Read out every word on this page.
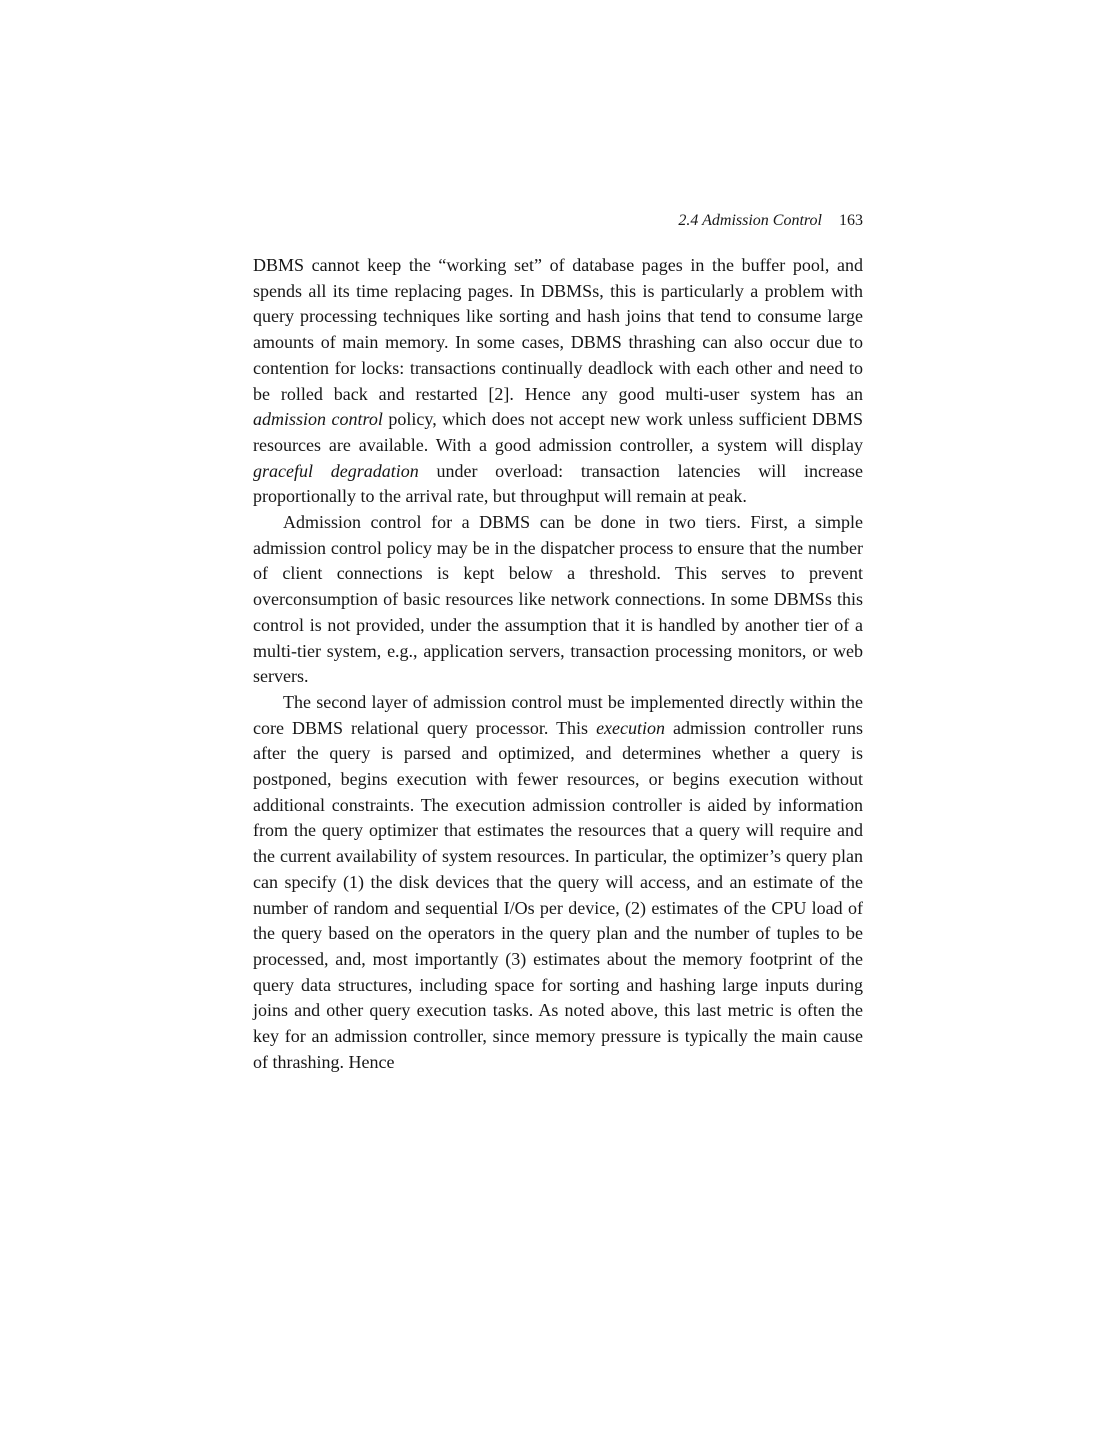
2.4 Admission Control 163

DBMS cannot keep the “working set” of database pages in the buffer pool, and spends all its time replacing pages. In DBMSs, this is particularly a problem with query processing techniques like sorting and hash joins that tend to consume large amounts of main memory. In some cases, DBMS thrashing can also occur due to contention for locks: transactions continually deadlock with each other and need to be rolled back and restarted [2]. Hence any good multi-user system has an admission control policy, which does not accept new work unless sufficient DBMS resources are available. With a good admission controller, a system will display graceful degradation under overload: transaction latencies will increase proportionally to the arrival rate, but throughput will remain at peak.

Admission control for a DBMS can be done in two tiers. First, a simple admission control policy may be in the dispatcher process to ensure that the number of client connections is kept below a threshold. This serves to prevent overconsumption of basic resources like network connections. In some DBMSs this control is not provided, under the assumption that it is handled by another tier of a multi-tier system, e.g., application servers, transaction processing monitors, or web servers.

The second layer of admission control must be implemented directly within the core DBMS relational query processor. This execution admission controller runs after the query is parsed and optimized, and determines whether a query is postponed, begins execution with fewer resources, or begins execution without additional constraints. The execution admission controller is aided by information from the query optimizer that estimates the resources that a query will require and the current availability of system resources. In particular, the optimizer’s query plan can specify (1) the disk devices that the query will access, and an estimate of the number of random and sequential I/Os per device, (2) estimates of the CPU load of the query based on the operators in the query plan and the number of tuples to be processed, and, most importantly (3) estimates about the memory footprint of the query data structures, including space for sorting and hashing large inputs during joins and other query execution tasks. As noted above, this last metric is often the key for an admission controller, since memory pressure is typically the main cause of thrashing. Hence
